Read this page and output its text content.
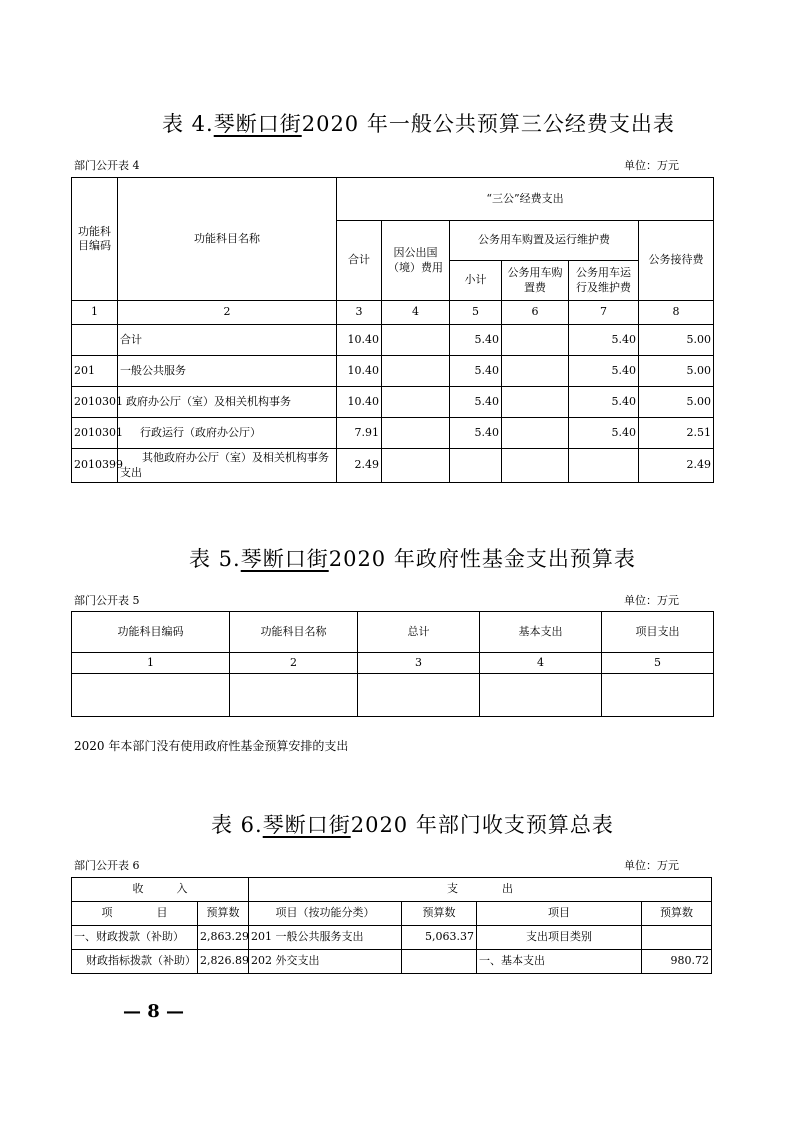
表 4.琴断口街2020 年一般公共预算三公经费支出表
部门公开表 4	单位：万元
功能科目编码	功能科目名称	“三公”经费支出					
		合计	因公出国（境）费用	公务用车购置及运行维护费			公务接待费
				小计	公务用车购置费	公务用车运行及维护费	
1	2	3	4	5	6	7	8
	合计	10.40		5.40		5.40	5.00
201	一般公共服务	10.40		5.40		5.40	5.00
2010301	政府办公厅（室）及相关机构事务	10.40		5.40		5.40	5.00
2010301	行政运行（政府办公厅）	7.91		5.40		5.40	2.51
2010399	其他政府办公厅（室）及相关机构事务支出	2.49					2.49
表 5.琴断口街2020 年政府性基金支出预算表
部门公开表 5	单位：万元
功能科目编码	功能科目名称	总计	基本支出	项目支出
1	2	3	4	5

2020 年本部门没有使用政府性基金预算安排的支出
表 6.琴断口街2020 年部门收支预算总表
部门公开表 6	单位：万元
收　　　入		支　　　　出			
项　　　　目	预算数	项目（按功能分类）	预算数	项目	预算数
一、财政拨款（补助）	2,863.29	201 一般公共服务支出	5,063.37	支出项目类别	
财政指标拨款（补助）	2,826.89	202 外交支出		一、基本支出	980.72
— 8 —
